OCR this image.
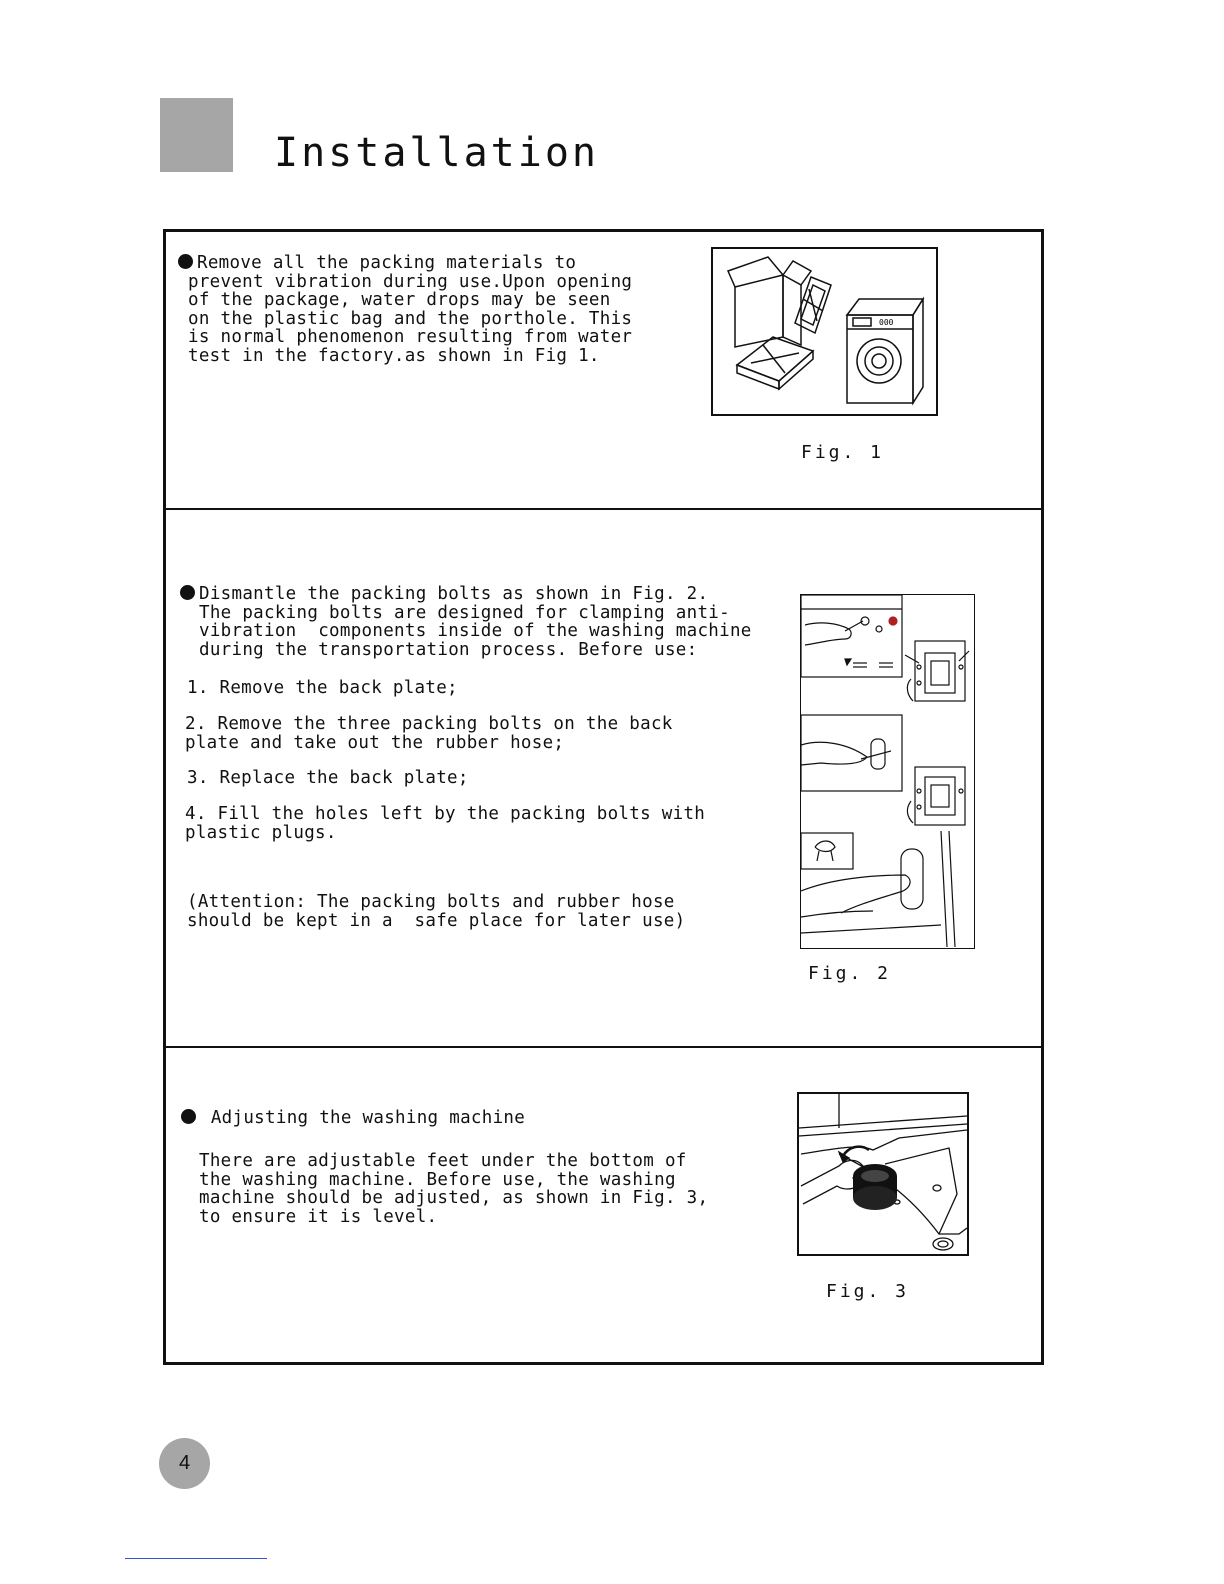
Installation
Remove all the packing materials to
prevent vibration during use.Upon opening
of the package, water drops may be seen
on the plastic bag and the porthole. This
is normal phenomenon resulting from water
test in the factory.as shown in Fig 1.
000
Fig. 1
Dismantle the packing bolts as shown in Fig. 2.
The packing bolts are designed for clamping anti-
vibration  components inside of the washing machine
during the transportation process. Before use:
1. Remove the back plate;
2. Remove the three packing bolts on the back
plate and take out the rubber hose;
3. Replace the back plate;
4. Fill the holes left by the packing bolts with
plastic plugs.
(Attention: The packing bolts and rubber hose
should be kept in a  safe place for later use)
Fig. 2
Adjusting the washing machine
There are adjustable feet under the bottom of
the washing machine. Before use, the washing
machine should be adjusted, as shown in Fig. 3,
to ensure it is level.
Fig. 3
4
